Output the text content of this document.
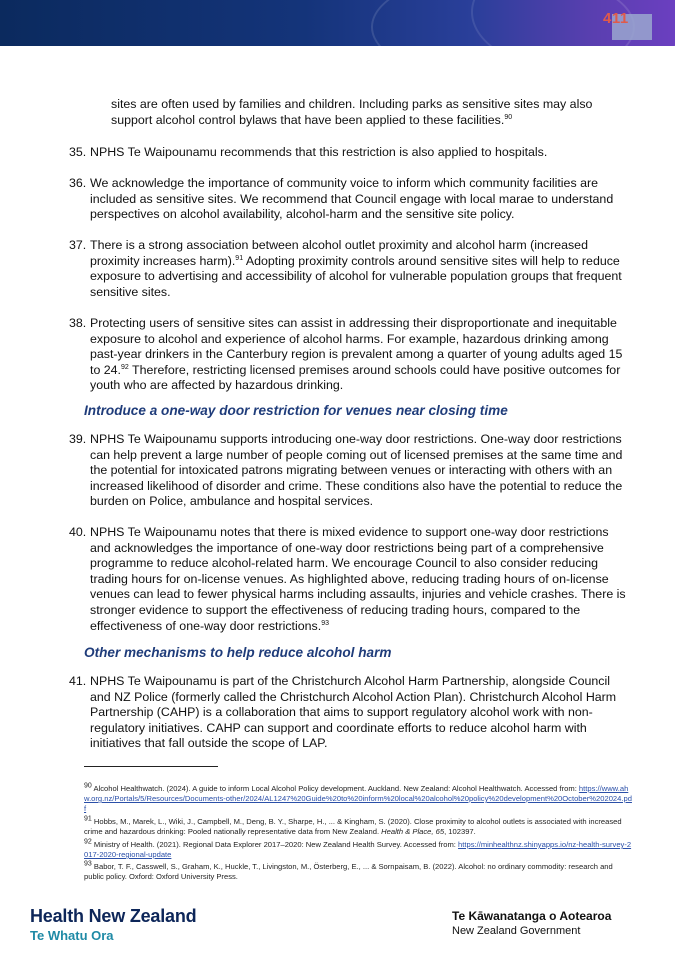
411
sites are often used by families and children. Including parks as sensitive sites may also
support alcohol control bylaws that have been applied to these facilities.$^{90}$
35. NPHS Te Waipounamu recommends that this restriction is also applied to hospitals.
36. We acknowledge the importance of community voice to inform which community facilities are included as sensitive sites. We recommend that Council engage with local marae to understand perspectives on alcohol availability, alcohol-harm and the sensitive site policy.
37. There is a strong association between alcohol outlet proximity and alcohol harm (increased proximity increases harm).$^{91}$ Adopting proximity controls around sensitive sites will help to reduce exposure to advertising and accessibility of alcohol for vulnerable population groups that frequent sensitive sites.
38. Protecting users of sensitive sites can assist in addressing their disproportionate and inequitable exposure to alcohol and experience of alcohol harms. For example, hazardous drinking among past-year drinkers in the Canterbury region is prevalent among a quarter of young adults aged 15 to 24.92 Therefore, restricting licensed premises around schools could have positive outcomes for youth who are affected by hazardous drinking.
Introduce a one-way door restriction for venues near closing time
39. NPHS Te Waipounamu supports introducing one-way door restrictions. One-way door restrictions can help prevent a large number of people coming out of licensed premises at the same time and the potential for intoxicated patrons migrating between venues or interacting with others with an increased likelihood of disorder and crime. These conditions also have the potential to reduce the burden on Police, ambulance and hospital services.
40. NPHS Te Waipounamu notes that there is mixed evidence to support one-way door restrictions and acknowledges the importance of one-way door restrictions being part of a comprehensive programme to reduce alcohol-related harm. We encourage Council to also consider reducing trading hours for on-license venues. As highlighted above, reducing trading hours of on-license venues can lead to fewer physical harms including assaults, injuries and vehicle crashes. There is stronger evidence to support the effectiveness of reducing trading hours, compared to the effectiveness of one-way door restrictions.$^{93}$
Other mechanisms to help reduce alcohol harm
41. NPHS Te Waipounamu is part of the Christchurch Alcohol Harm Partnership, alongside Council and NZ Police (formerly called the Christchurch Alcohol Action Plan). Christchurch Alcohol Harm Partnership (CAHP) is a collaboration that aims to support regulatory alcohol work with non-regulatory initiatives. CAHP can support and coordinate efforts to reduce alcohol harm with initiatives that fall outside the scope of LAP.
$^{90}$ Alcohol Healthwatch. (2024). A guide to inform Local Alcohol Policy development. Auckland. New Zealand: Alcohol Healthwatch. Accessed from: https://www.ahw.org.nz/Portals/5/Resources/Documents-other/2024/AL1247%20Guide%20to%20inform%20local%20alcohol%20policy%20development%20October%202024.pdf
$^{91}$ Hobbs, M., Marek, L., Wiki, J., Campbell, M., Deng, B. Y., Sharpe, H., ... & Kingham, S. (2020). Close proximity to alcohol outlets is associated with increased crime and hazardous drinking: Pooled nationally representative data from New Zealand. Health & Place, 65, 102397.
$^{92}$ Ministry of Health. (2021). Regional Data Explorer 2017–2020: New Zealand Health Survey. Accessed from: https://minhealthnz.shinyapps.io/nz-health-survey-2017-2020-regional-update
$^{93}$ Babor, T. F., Casswell, S., Graham, K., Huckle, T., Livingston, M., Österberg, E., ... & Sornpaisam, B. (2022). Alcohol: no ordinary commodity: research and public policy. Oxford: Oxford University Press.
Health New Zealand
Te Whatu Ora
Te Kāwanatanga o Aotearoa
New Zealand Government
